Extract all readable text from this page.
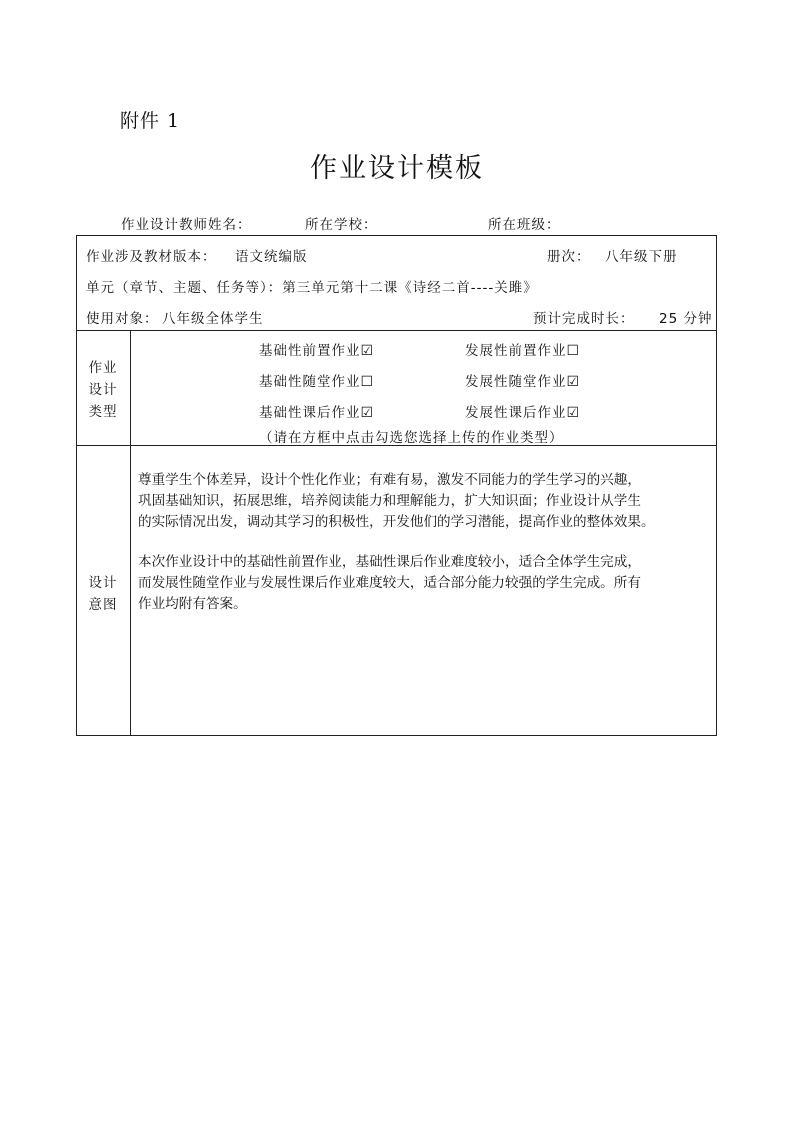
附件 1
作业设计模板
作业设计教师姓名：	所在学校：	所在班级：
作业涉及教材版本： 语文统编版	册次： 八年级下册
单元（章节、主题、任务等）：第三单元第十二课《诗经二首----关雎》
使用对象： 八年级全体学生	预计完成时长： 25 分钟
作业
设计
类型
基础性前置作业☑	发展性前置作业☐
基础性随堂作业☐	发展性随堂作业☑
基础性课后作业☑	发展性课后作业☑
（请在方框中点击勾选您选择上传的作业类型）
设计
意图
尊重学生个体差异，设计个性化作业；有难有易，激发不同能力的学生学习的兴趣，
巩固基础知识，拓展思维，培养阅读能力和理解能力，扩大知识面；作业设计从学生
的实际情况出发，调动其学习的积极性，开发他们的学习潜能，提高作业的整体效果。
本次作业设计中的基础性前置作业，基础性课后作业难度较小，适合全体学生完成，
而发展性随堂作业与发展性课后作业难度较大，适合部分能力较强的学生完成。所有
作业均附有答案。
